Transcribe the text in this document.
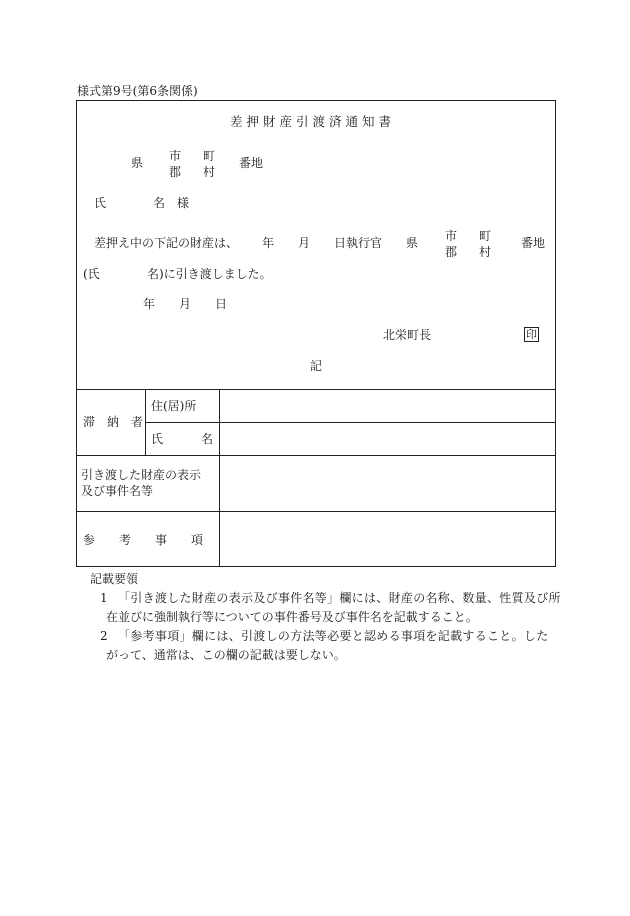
様式第9号(第6条関係)
差押財産引渡済通知書
県 市
郡
町
村
番地
氏	名 様
差押え中の下記の財産は、 年 月 日執行官 県 市
郡
町
村
番地
(氏	名)に引き渡しました。
年 月 日
北栄町長	印
記
滞　納　者
住(居)所
氏	名
引き渡した財産の表示
及び事件名等
参　　考　　事　　項
記載要領
1 「引き渡した財産の表示及び事件名等」欄には、財産の名称、数量、性質及び所
在並びに強制執行等についての事件番号及び事件名を記載すること。
2 「参考事項」欄には、引渡しの方法等必要と認める事項を記載すること。した
がって、通常は、この欄の記載は要しない。
